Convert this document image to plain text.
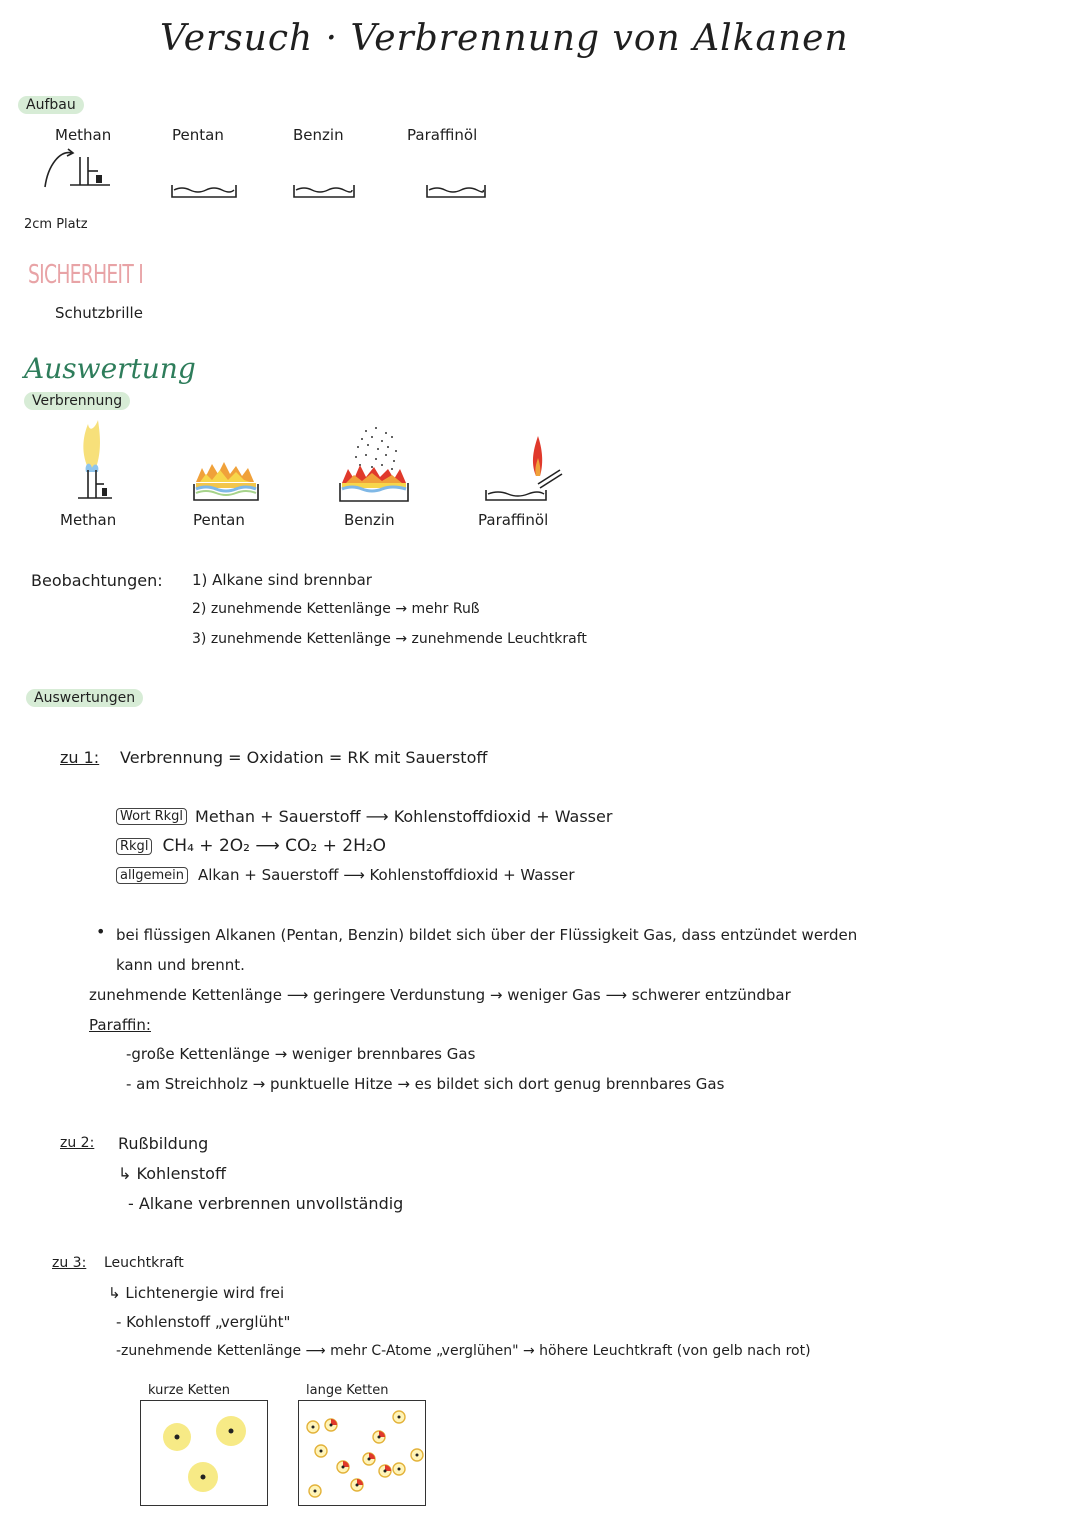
Versuch · Verbrennung von Alkanen
Aufbau
Methan	Pentan	Benzin	Paraffinöl
2cm Platz
SICHERHEIT I
Schutzbrille
Auswertung
Verbrennung
Methan	Pentan	Benzin	Paraffinöl
Beobachtungen: 1) Alkane sind brennbar
2) zunehmende Kettenlänge → mehr Ruß
3) zunehmende Kettenlänge → zunehmende Leuchtkraft
Auswertungen
zu 1: Verbrennung = Oxidation = RK mit Sauerstoff
Wort Rkgl Methan + Sauerstoff ⟶ Kohlenstoffdioxid + Wasser
Rkgl CH₄ + 2O₂ ⟶ CO₂ + 2H₂O
allgemein Alkan + Sauerstoff ⟶ Kohlenstoffdioxid + Wasser
• bei flüssigen Alkanen (Pentan, Benzin) bildet sich über der Flüssigkeit Gas, dass entzündet werden
kann und brennt.
zunehmende Kettenlänge ⟶ geringere Verdunstung → weniger Gas ⟶ schwerer entzündbar
Paraffin:
-große Kettenlänge → weniger brennbares Gas
- am Streichholz → punktuelle Hitze → es bildet sich dort genug brennbares Gas
zu 2: Rußbildung
↳ Kohlenstoff
- Alkane verbrennen unvollständig
zu 3: Leuchtkraft
↳ Lichtenergie wird frei
- Kohlenstoff „verglüht"
-zunehmende Kettenlänge ⟶ mehr C-Atome „verglühen" → höhere Leuchtkraft (von gelb nach rot)
kurze Ketten	lange Ketten
